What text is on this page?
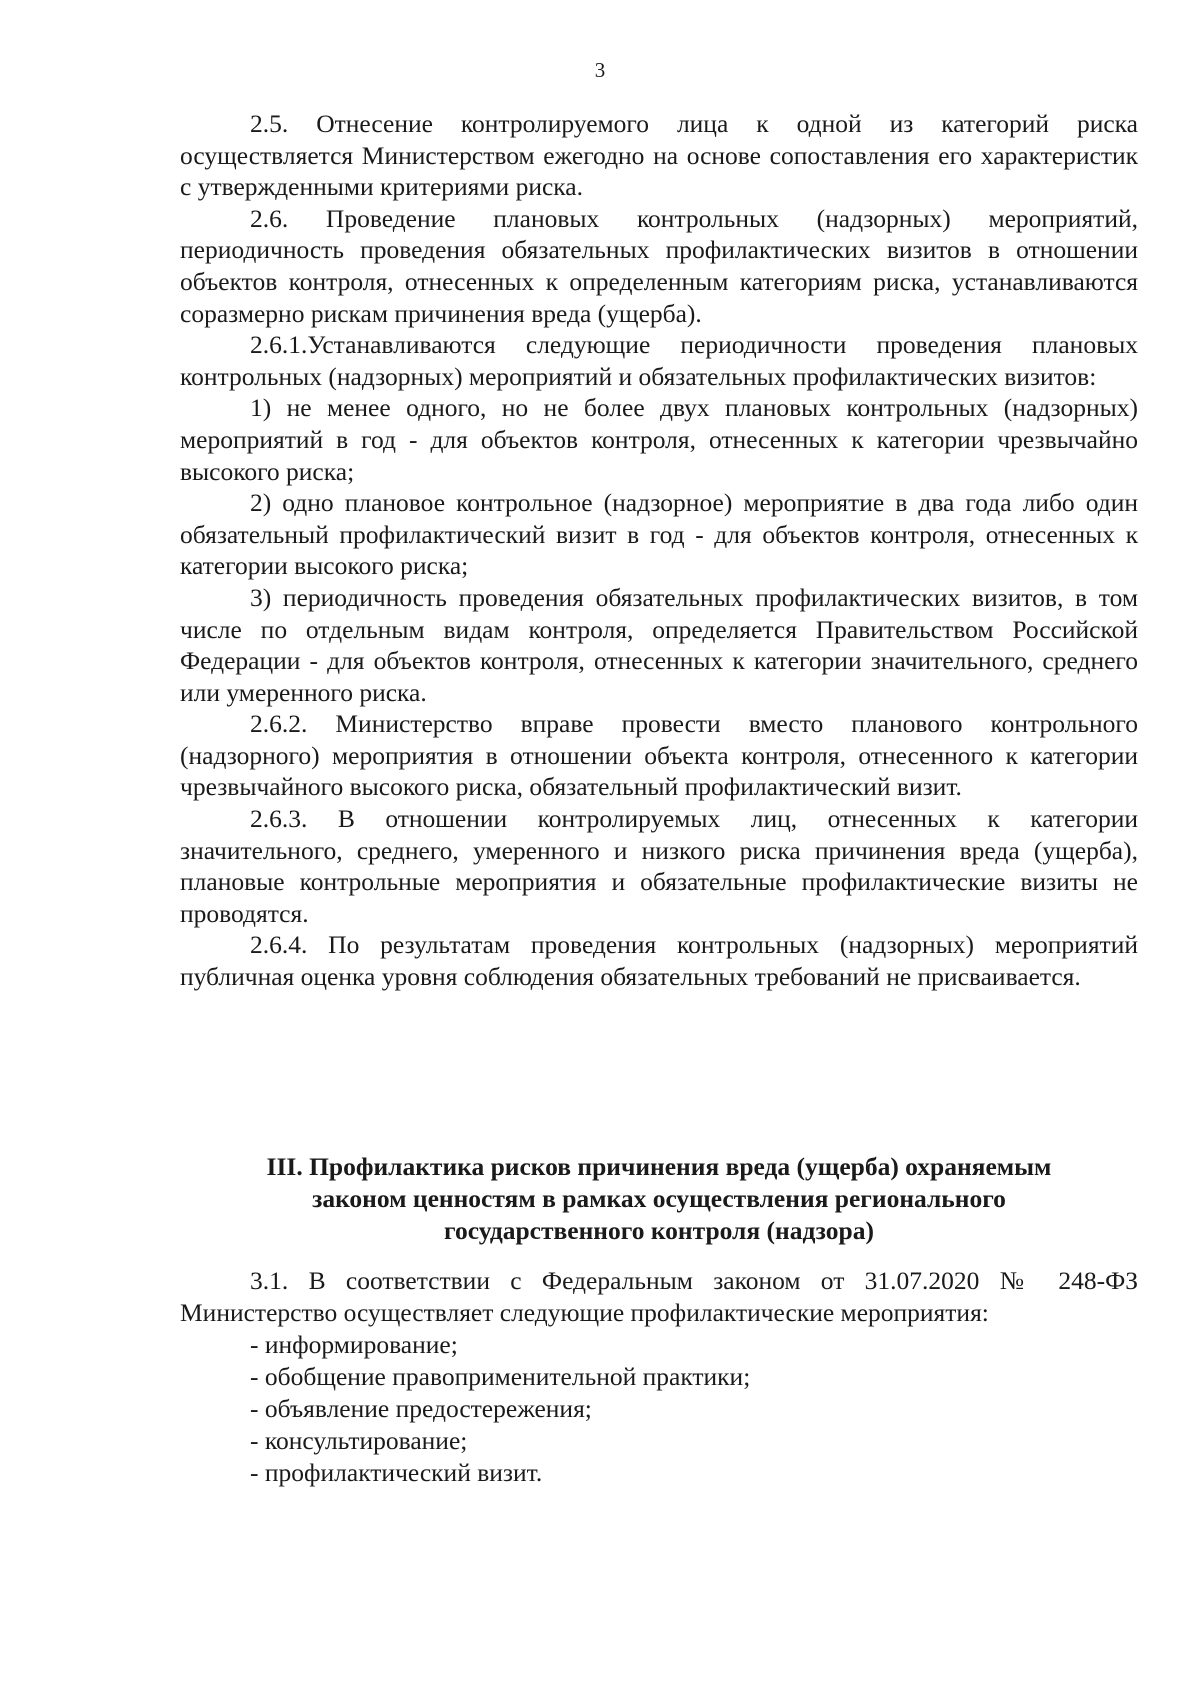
3

2.5. Отнесение контролируемого лица к одной из категорий риска осуществляется Министерством ежегодно на основе сопоставления его характеристик с утвержденными критериями риска.

2.6. Проведение плановых контрольных (надзорных) мероприятий, периодичность проведения обязательных профилактических визитов в отношении объектов контроля, отнесенных к определенным категориям риска, устанавливаются соразмерно рискам причинения вреда (ущерба).

2.6.1.Устанавливаются следующие периодичности проведения плановых контрольных (надзорных) мероприятий и обязательных профилактических визитов:

1) не менее одного, но не более двух плановых контрольных (надзорных) мероприятий в год - для объектов контроля, отнесенных к категории чрезвычайно высокого риска;

2) одно плановое контрольное (надзорное) мероприятие в два года либо один обязательный профилактический визит в год - для объектов контроля, отнесенных к категории высокого риска;

3) периодичность проведения обязательных профилактических визитов, в том числе по отдельным видам контроля, определяется Правительством Российской Федерации - для объектов контроля, отнесенных к категории значительного, среднего или умеренного риска.

2.6.2. Министерство вправе провести вместо планового контрольного (надзорного) мероприятия в отношении объекта контроля, отнесенного к категории чрезвычайного высокого риска, обязательный профилактический визит.

2.6.3. В отношении контролируемых лиц, отнесенных к категории значительного, среднего, умеренного и низкого риска причинения вреда (ущерба), плановые контрольные мероприятия и обязательные профилактические визиты не проводятся.

2.6.4. По результатам проведения контрольных (надзорных) мероприятий публичная оценка уровня соблюдения обязательных требований не присваивается.

III. Профилактика рисков причинения вреда (ущерба) охраняемым
законом ценностям в рамках осуществления регионального
государственного контроля (надзора)

3.1. В соответствии с Федеральным законом от 31.07.2020 № 248-ФЗ Министерство осуществляет следующие профилактические мероприятия:

- информирование;
- обобщение правоприменительной практики;
- объявление предостережения;
- консультирование;
- профилактический визит.
